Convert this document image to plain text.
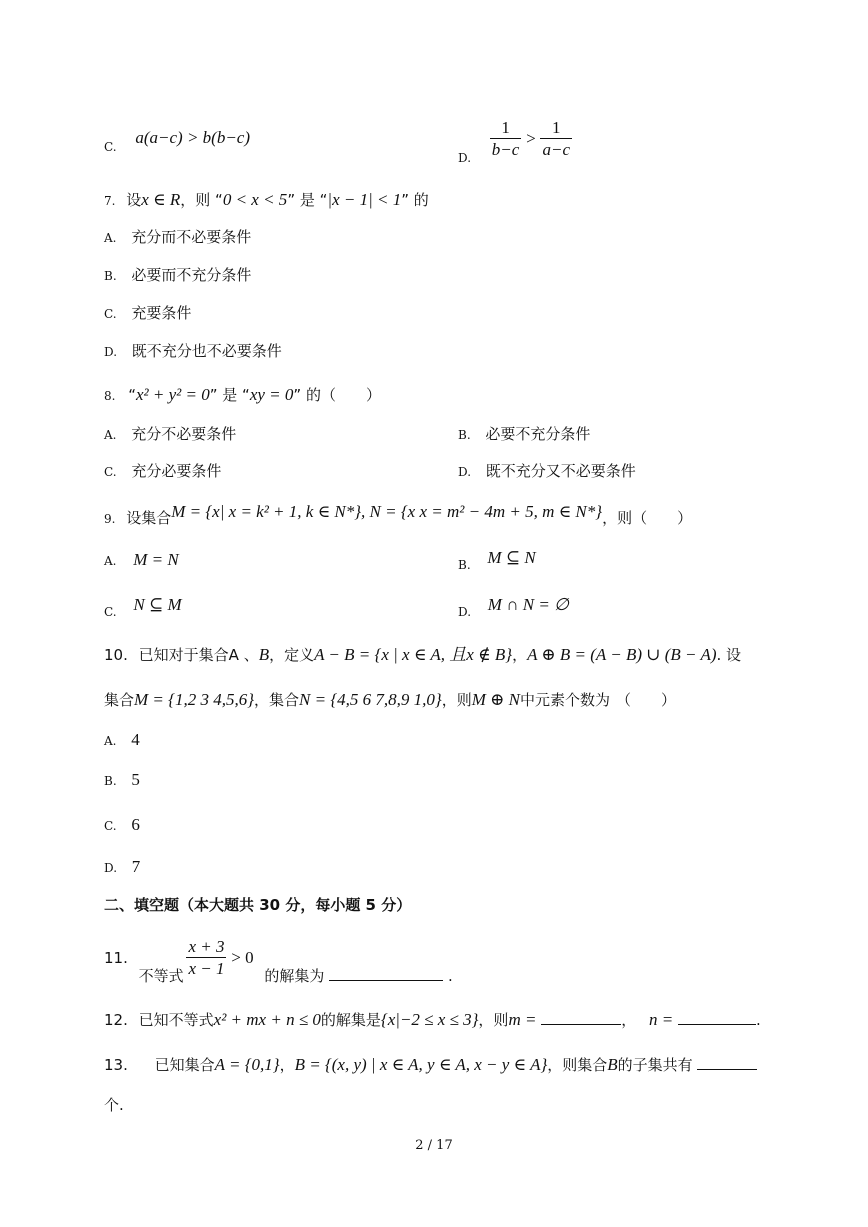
C. a(a−c) > b(b−c)
$_{D.} \frac{1}{b-c} > \frac{1}{a-c}$
7. 设x ∈ R，则 “0 < x < 5” 是 “|x − 1| < 1” 的
A. 充分而不必要条件
B. 必要而不充分条件
C. 充要条件
D. 既不充分也不必要条件
8. “x² + y² = 0” 是 “xy = 0” 的（　　）
A. 充分不必要条件	B. 必要不充分条件
C. 充分必要条件	D. 既不充分又不必要条件
9. 设集合M = {x| x = k² + 1, k ∈ N*}, N = {x x = m² − 4m + 5, m ∈ N*}，则（　　）
A. M = N	$_{B.}$ M ⊆ N
$_{C.}$ N ⊆ M	$_{D.}$ M ∩ N = ∅
10. 已知对于集合A 、B，定义A − B = {x | x ∈ A, 且x ∉ B}，A ⊕ B = (A − B) ∪ (B − A). 设
集合M = {1,2 3 4,5,6}，集合N = {4,5 6 7,8,9 1,0}，则M ⊕ N中元素个数为 （　　）
A. 4
B. 5
C. 6
D. 7
二、填空题（本大题共 30 分，每小题 5 分）
11. 不等式 $\frac{x + 3}{x - 1} > 0$ 的解集为	.
12. 已知不等式x² + mx + n ≤ 0的解集是{x|−2 ≤ x ≤ 3}，则m =	， n =	.
13. 已知集合A = {0,1}，B = {(x, y) | x ∈ A, y ∈ A, x − y ∈ A}，则集合B的子集共有
个.
2 / 17
